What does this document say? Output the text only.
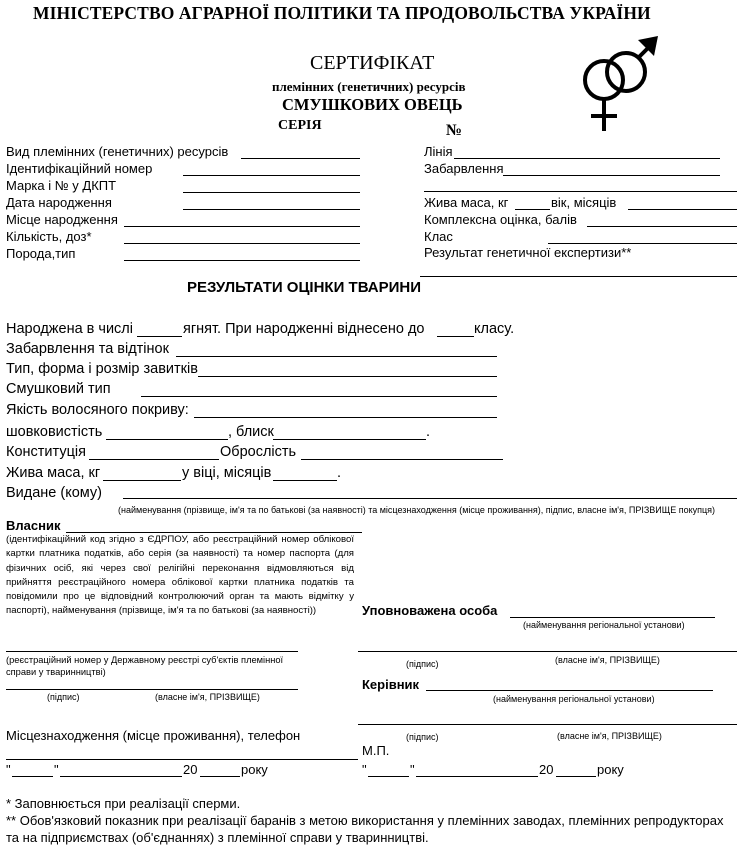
МІНІСТЕРСТВО АГРАРНОЇ ПОЛІТИКИ ТА ПРОДОВОЛЬСТВА УКРАЇНИ
СЕРТИФІКАТ
племінних (генетичних) ресурсів
СМУШКОВИХ ОВЕЦЬ
СЕРІЯ	№
Вид племінних (генетичних) ресурсів
Ідентифікаційний номер
Марка і № у ДКПТ
Дата народження
Місце народження
Кількість, доз*
Порода,тип
Лінія
Забарвлення
Жива маса, кг	вік, місяців
Комплексна оцінка, балів
Клас
Результат генетичної експертизи**
РЕЗУЛЬТАТИ ОЦІНКИ ТВАРИНИ
Народжена в числі	ягнят. При народженні віднесено до	класу.
Забарвлення та відтінок
Тип, форма і розмір завитків
Смушковий тип
Якість волосяного покриву:
шовковистість	, блиск	.
Конституція	Оброслість
Жива маса, кг	у віці, місяців	.
Видане (кому)
(найменування (прізвище, ім'я та по батькові (за наявності) та місцезнаходження (місце проживання), підпис, власне ім'я, ПРІЗВИЩЕ покупця)
Власник
(ідентифікаційний код згідно з ЄДРПОУ, або реєстраційний номер облікової картки платника податків, або серія (за наявності) та номер паспорта (для фізичних осіб, які через свої релігійні переконання відмовляються від прийняття реєстраційного номера облікової картки платника податків та повідомили про це відповідний контролюючий орган та мають відмітку у паспорті), найменування (прізвище, ім'я та по батькові (за наявності))
(реєстраційний номер у Державному реєстрі суб'єктів племінної справи у тваринництві)
(підпис)	(власне ім'я, ПРІЗВИЩЕ)
Місцезнаходження (місце проживання), телефон
"	"	20	року
Уповноважена особа
(найменування регіональної установи)
(підпис)	(власне ім'я, ПРІЗВИЩЕ)
Керівник
(найменування регіональної установи)
(підпис)	(власне ім'я, ПРІЗВИЩЕ)
М.П.
"	"	20	року
* Заповнюється при реалізації сперми.
** Обов'язковий показник при реалізації баранів з метою використання у племінних заводах, племінних репродукторах
та на підприємствах (об'єднаннях) з племінної справи у тваринництві.
